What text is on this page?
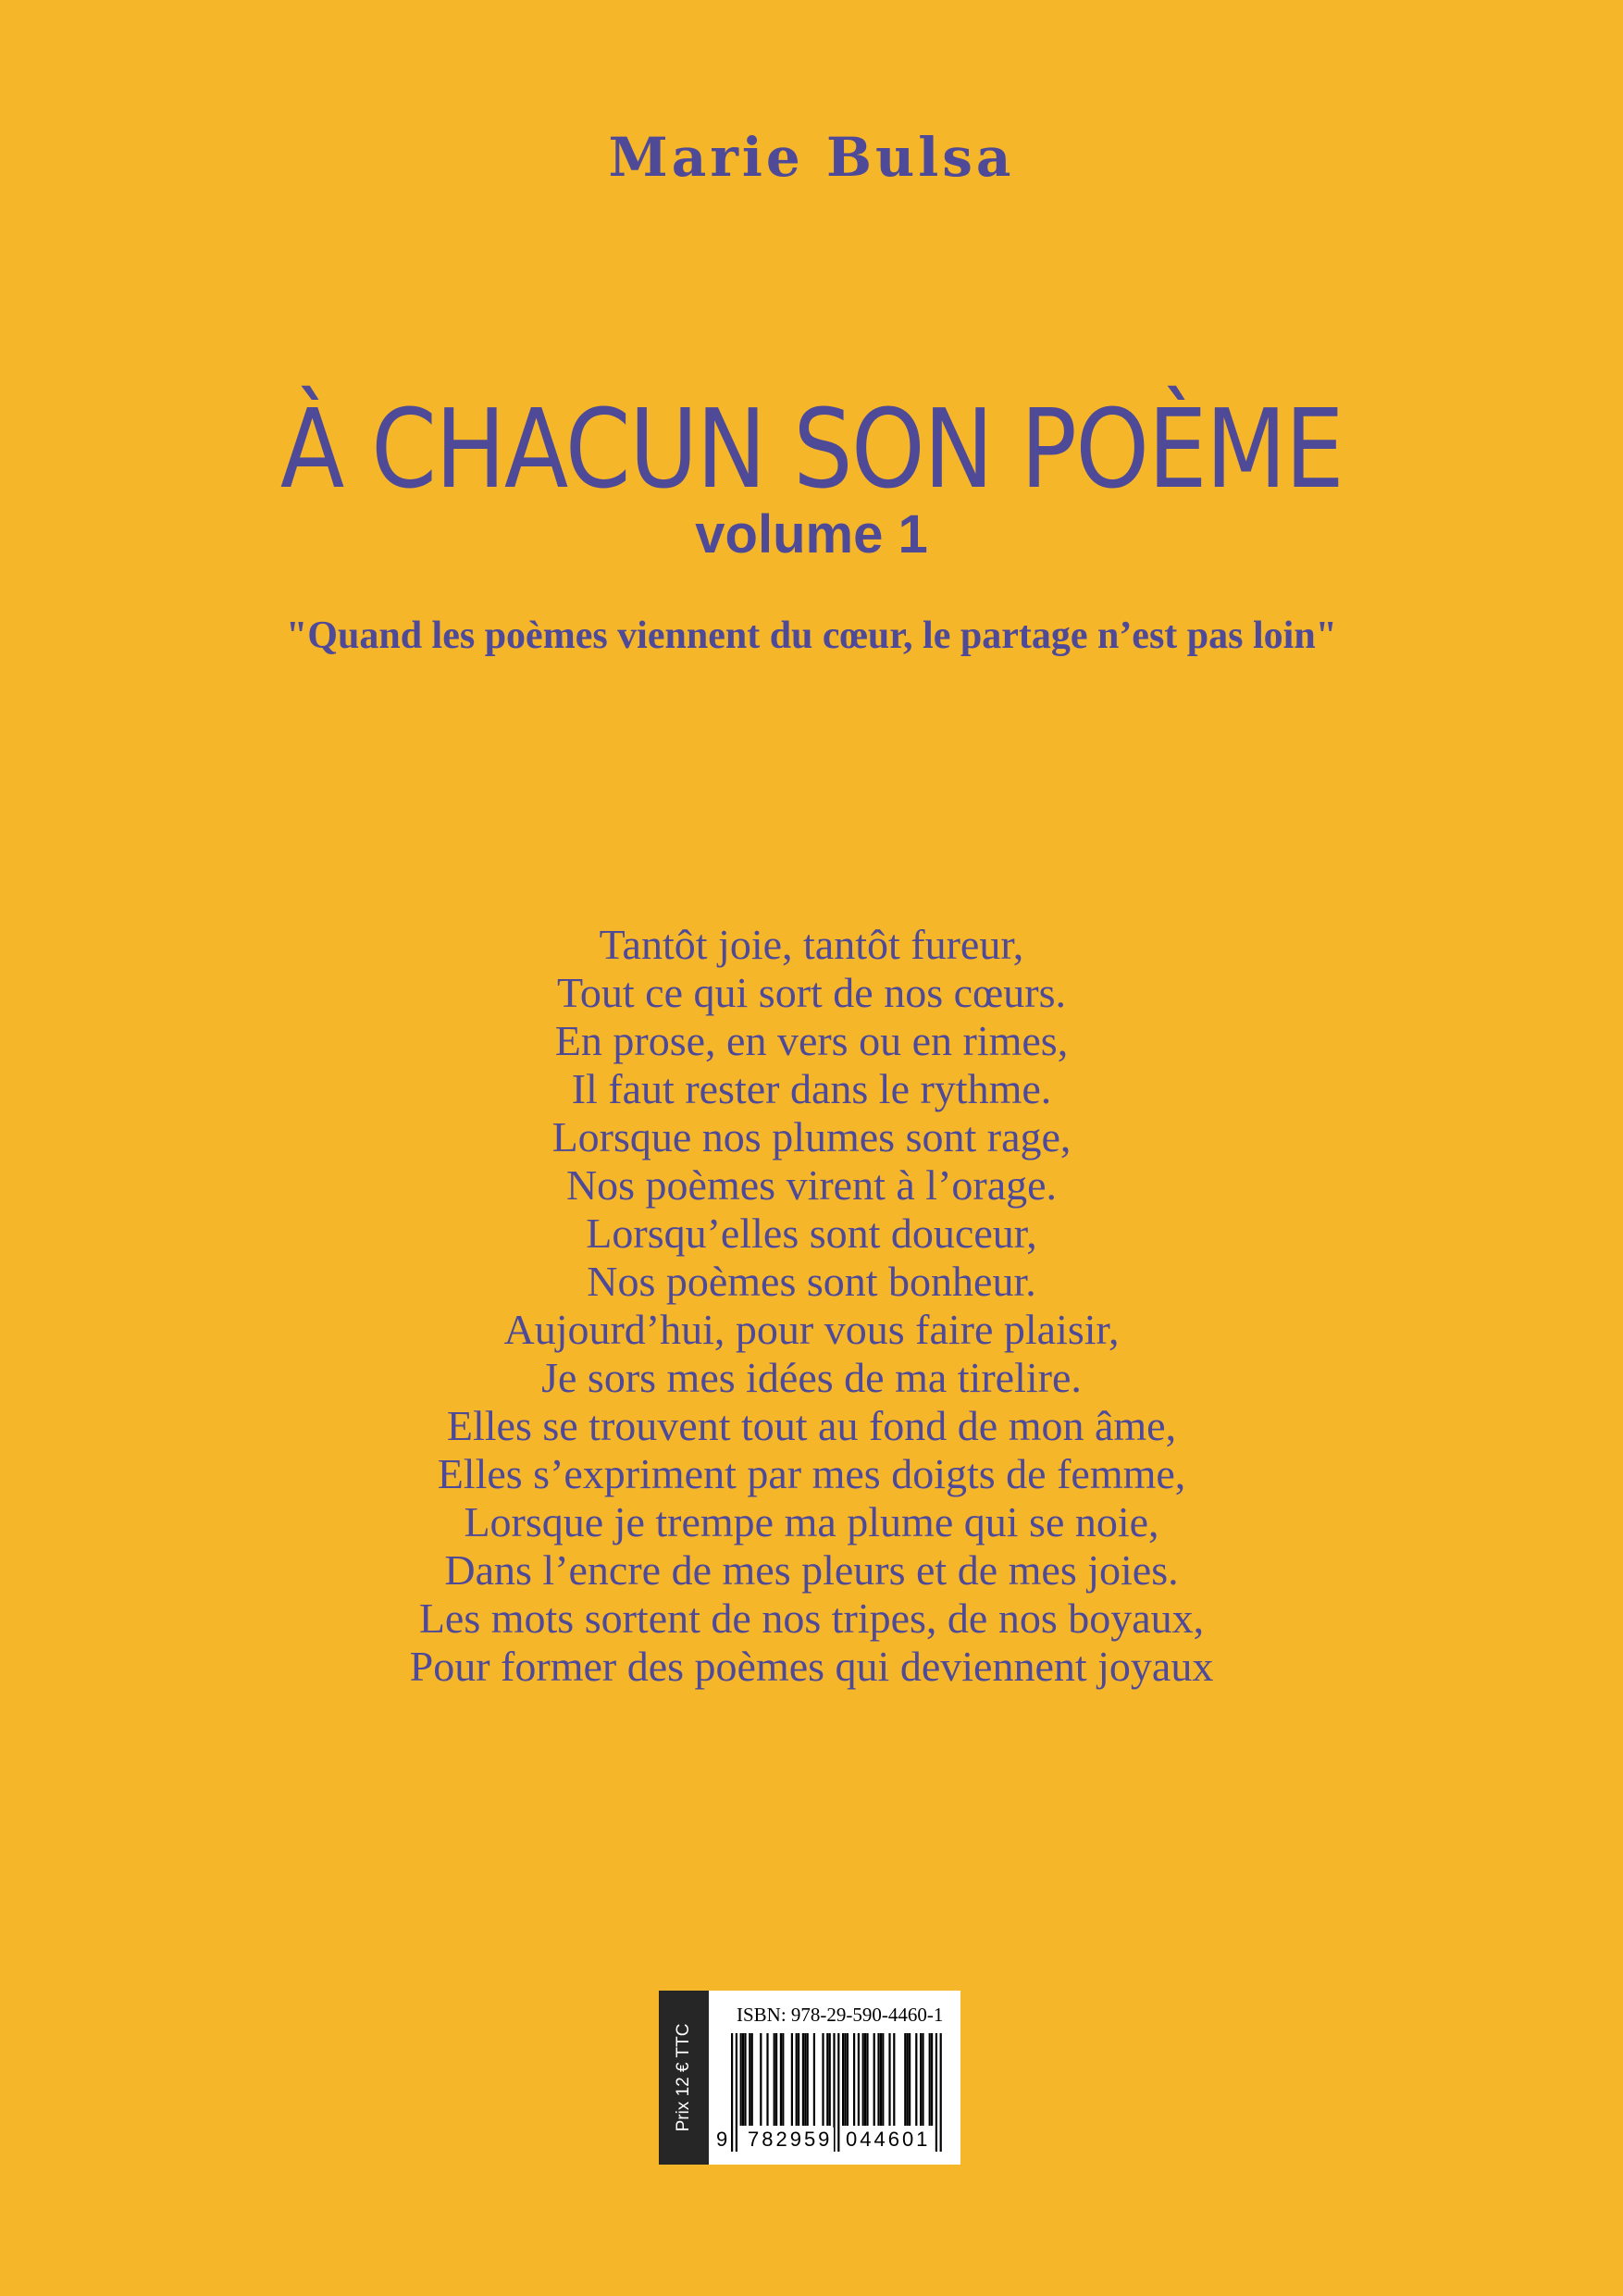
Marie Bulsa
À CHACUN SON POÈME
volume 1
"Quand les poèmes viennent du cœur, le partage n’est pas loin"
Tantôt joie, tantôt fureur,
Tout ce qui sort de nos cœurs.
En prose, en vers ou en rimes,
Il faut rester dans le rythme.
Lorsque nos plumes sont rage,
Nos poèmes virent à l’orage.
Lorsqu’elles sont douceur,
Nos poèmes sont bonheur.
Aujourd’hui, pour vous faire plaisir,
Je sors mes idées de ma tirelire.
Elles se trouvent tout au fond de mon âme,
Elles s’expriment par mes doigts de femme,
Lorsque je trempe ma plume qui se noie,
Dans l’encre de mes pleurs et de mes joies.
Les mots sortent de nos tripes, de nos boyaux,
Pour former des poèmes qui deviennent joyaux
Prix 12 € TTC
ISBN: 978-29-590-4460-1
9 782959 044601
